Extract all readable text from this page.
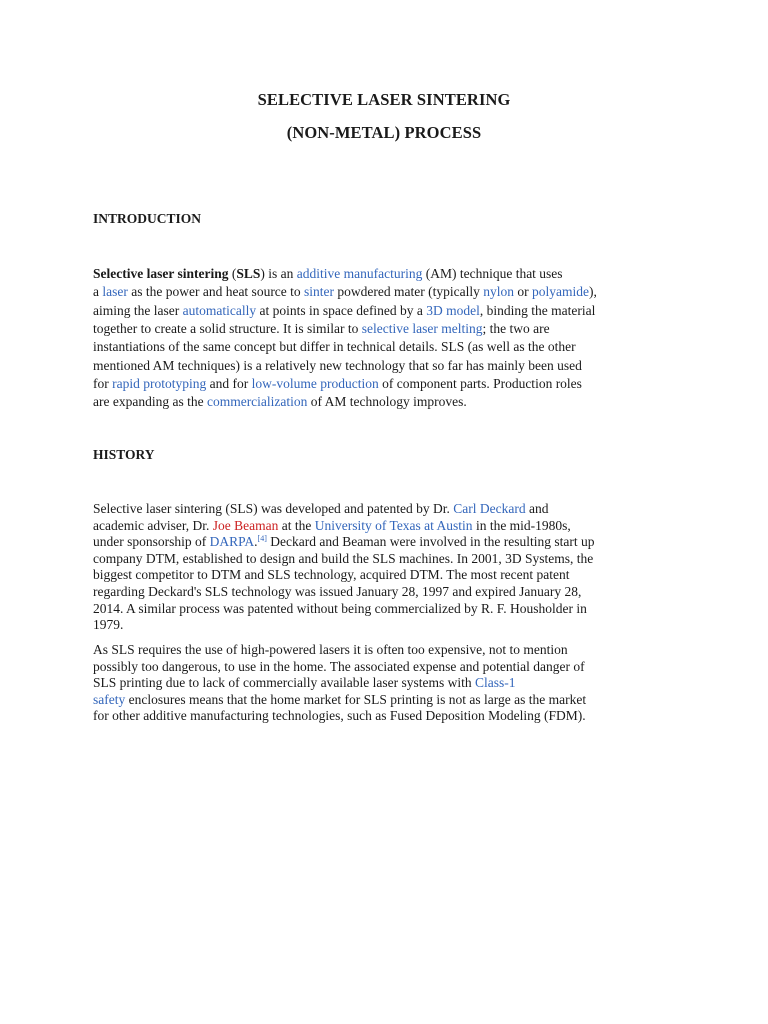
SELECTIVE LASER SINTERING
(NON-METAL) PROCESS
INTRODUCTION
Selective laser sintering (SLS) is an additive manufacturing (AM) technique that uses
a laser as the power and heat source to sinter powdered mater (typically nylon or polyamide),
aiming the laser automatically at points in space defined by a 3D model, binding the material
together to create a solid structure. It is similar to selective laser melting; the two are
instantiations of the same concept but differ in technical details. SLS (as well as the other
mentioned AM techniques) is a relatively new technology that so far has mainly been used
for rapid prototyping and for low-volume production of component parts. Production roles
are expanding as the commercialization of AM technology improves.
HISTORY
Selective laser sintering (SLS) was developed and patented by Dr. Carl Deckard and
academic adviser, Dr. Joe Beaman at the University of Texas at Austin in the mid-1980s,
under sponsorship of DARPA.[4] Deckard and Beaman were involved in the resulting start up
company DTM, established to design and build the SLS machines. In 2001, 3D Systems, the
biggest competitor to DTM and SLS technology, acquired DTM. The most recent patent
regarding Deckard's SLS technology was issued January 28, 1997 and expired January 28,
2014. A similar process was patented without being commercialized by R. F. Housholder in
1979.
As SLS requires the use of high-powered lasers it is often too expensive, not to mention
possibly too dangerous, to use in the home. The associated expense and potential danger of
SLS printing due to lack of commercially available laser systems with Class-1
safety enclosures means that the home market for SLS printing is not as large as the market
for other additive manufacturing technologies, such as Fused Deposition Modeling (FDM).
